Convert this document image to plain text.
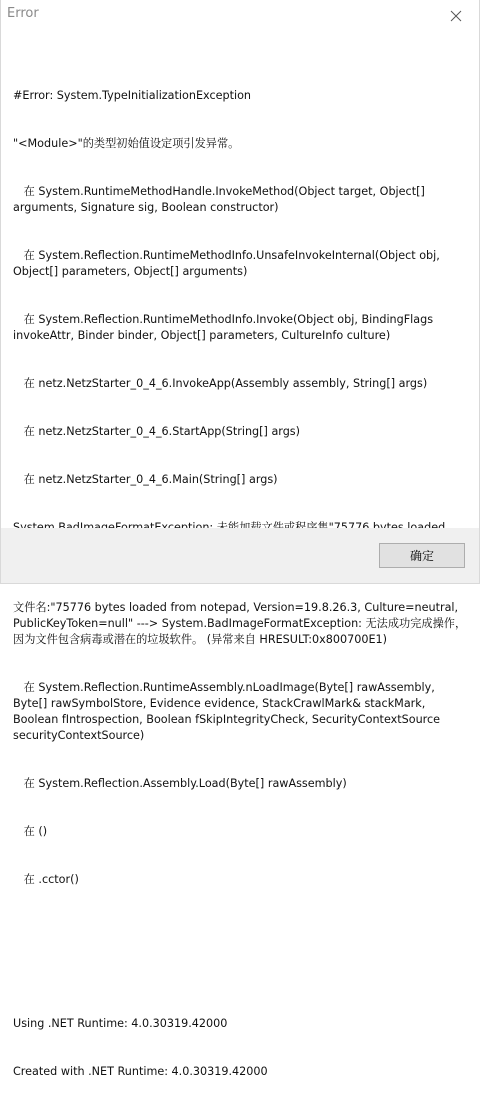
Error

#Error: System.TypeInitializationException

"<Module>"的类型初始值设定项引发异常。

在 System.RuntimeMethodHandle.InvokeMethod(Object target, Object[] arguments, Signature sig, Boolean constructor)

在 System.Reflection.RuntimeMethodInfo.UnsafeInvokeInternal(Object obj, Object[] parameters, Object[] arguments)

在 System.Reflection.RuntimeMethodInfo.Invoke(Object obj, BindingFlags invokeAttr, Binder binder, Object[] parameters, CultureInfo culture)

在 netz.NetzStarter_0_4_6.InvokeApp(Assembly assembly, String[] args)

在 netz.NetzStarter_0_4_6.StartApp(String[] args)

在 netz.NetzStarter_0_4_6.Main(String[] args)

文件名:"75776 bytes loaded from notepad, Version=19.8.26.3, Culture=neutral, PublicKeyToken=null" ---> System.BadImageFormatException: 无法成功完成操作，因为文件包含病毒或潜在的垃圾软件。 (异常来自 HRESULT:0x800700E1)

在 System.Reflection.RuntimeAssembly.nLoadImage(Byte[] rawAssembly, Byte[] rawSymbolStore, Evidence evidence, StackCrawlMark& stackMark, Boolean fIntrospection, Boolean fSkipIntegrityCheck, SecurityContextSource securityContextSource)

在 System.Reflection.Assembly.Load(Byte[] rawAssembly)

在 ()

在 .cctor()

Using .NET Runtime: 4.0.30319.42000

Created with .NET Runtime: 4.0.30319.42000

确定
